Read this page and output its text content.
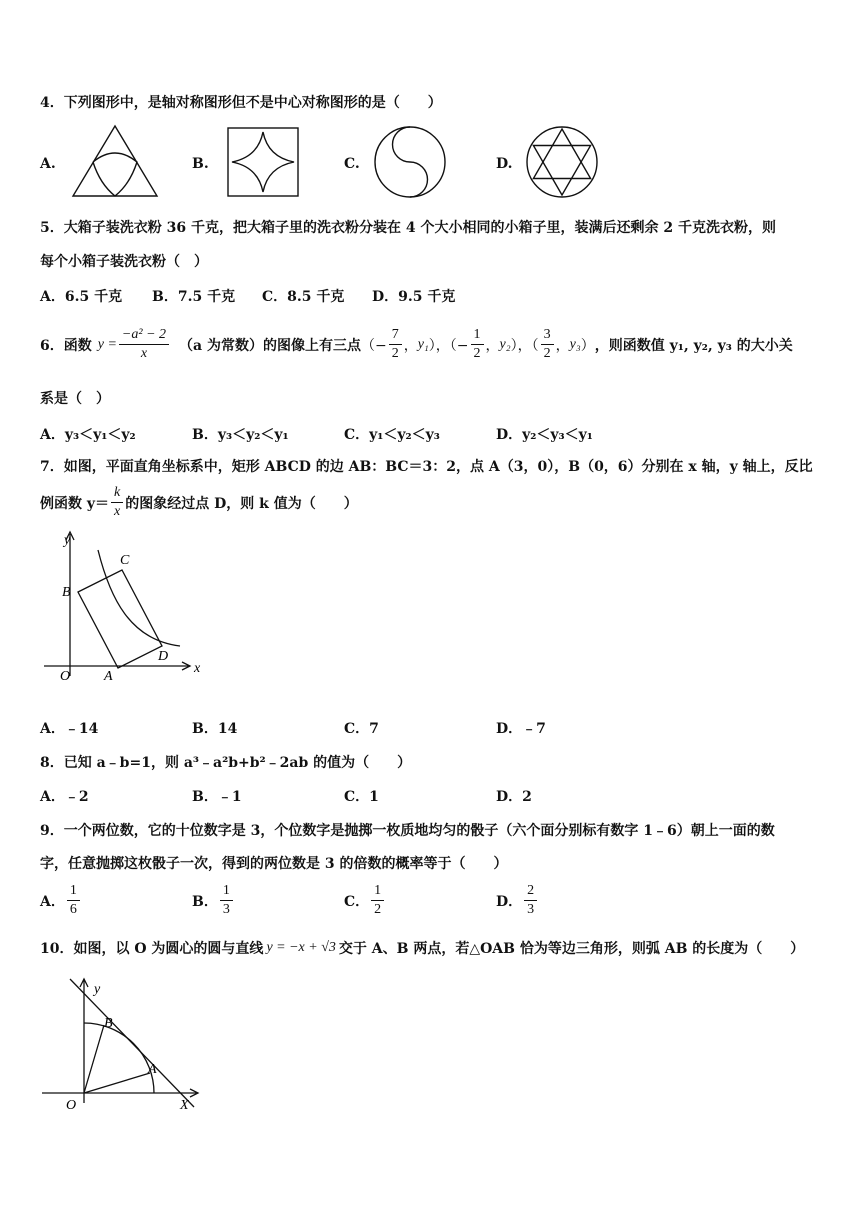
4．下列图形中，是轴对称图形但不是中心对称图形的是（　　）
A.	B.	C.	D.
5．大箱子装洗衣粉 36 千克，把大箱子里的洗衣粉分装在 4 个大小相同的小箱子里，装满后还剩余 2 千克洗衣粉，则
每个小箱子装洗衣粉（　）
A．6.5 千克 B．7.5 千克 C．8.5 千克 D．9.5 千克
6．函数 $y = \frac{\text{−a² − 2}}{x} (a$ 为常数）的图像上有三点 （− $\frac{7}{2}$ ， y₁ ），（− $\frac{1}{2}$ ， y₂ ），（ $\frac{3}{2}$ ， y₃ ） ，则函数值 y₁, y₂, y₃ 的大小关
系是（　）
A．y₃＜y₁＜y₂	B．y₃＜y₂＜y₁	C．y₁＜y₂＜y₃	D．y₂＜y₃＜y₁
7．如图，平面直角坐标系中，矩形 ABCD 的边 AB：BC＝3：2，点 A（3，0），B（0，6）分别在 x 轴，y 轴上，反比
例函数 $y= \frac{k}{x}$ 的图象经过点 D，则 k 值为（　　）
y
x
O A
B
C
D
A．﹣14	B．14	C．7	D．﹣7
8．已知 a﹣b=1，则 a³﹣a²b+b²﹣2ab 的值为（　　）
A．﹣2	B．﹣1	C．1	D．2
9．一个两位数，它的十位数字是 3，个位数字是抛掷一枚质地均匀的骰子（六个面分别标有数字 1﹣6）朝上一面的数
字，任意抛掷这枚骰子一次，得到的两位数是 3 的倍数的概率等于（　　）
A． $\frac{1}{6}$	B． $\frac{1}{3}$	C． $\frac{1}{2}$	D． $\frac{2}{3}$
10．如图，以 O 为圆心的圆与直线 y = −x + √3 交于 A、B 两点，若△OAB 恰为等边三角形，则弧 AB 的长度为（　　）
y
X
O
A
B
